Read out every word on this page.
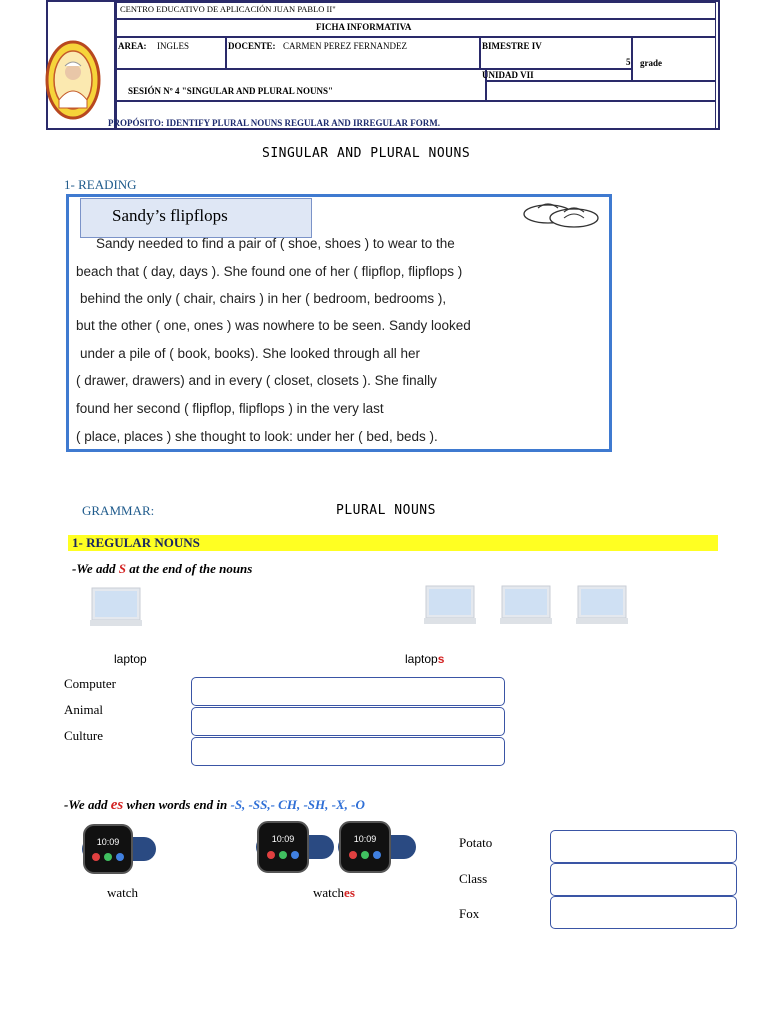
CENTRO EDUCATIVO DE APLICACIÓN JUAN PABLO II"
FICHA INFORMATIVA
AREA: INGLES	DOCENTE: CARMEN PEREZ FERNANDEZ	BIMESTRE IV
5 grade
SESIÓN Nº 4 "SINGULAR AND PLURAL NOUNS"
UNIDAD VII
PROPÓSITO: IDENTIFY PLURAL NOUNS REGULAR AND IRREGULAR FORM.
SINGULAR AND PLURAL NOUNS
1- READING
Sandy’s flipflops
Sandy needed to find a pair of ( shoe, shoes ) to wear to the
beach that ( day, days ). She found one of her ( flipflop, flipflops )
behind the only ( chair, chairs ) in her ( bedroom, bedrooms ),
but the other ( one, ones ) was nowhere to be seen. Sandy looked
under a pile of ( book, books). She looked through all her
( drawer, drawers) and in every ( closet, closets ). She finally
found her second ( flipflop, flipflops ) in the very last
( place, places ) she thought to look: under her ( bed, beds ).
GRAMMAR:	PLURAL NOUNS
1- REGULAR NOUNS
-We add S at the end of the nouns
laptop	laptops
Computer
Animal
Culture
-We add es when words end in -S, -SS,- CH, -SH, -X, -O
10:09	10:09	10:09
watch	watches
Potato
Class
Fox
